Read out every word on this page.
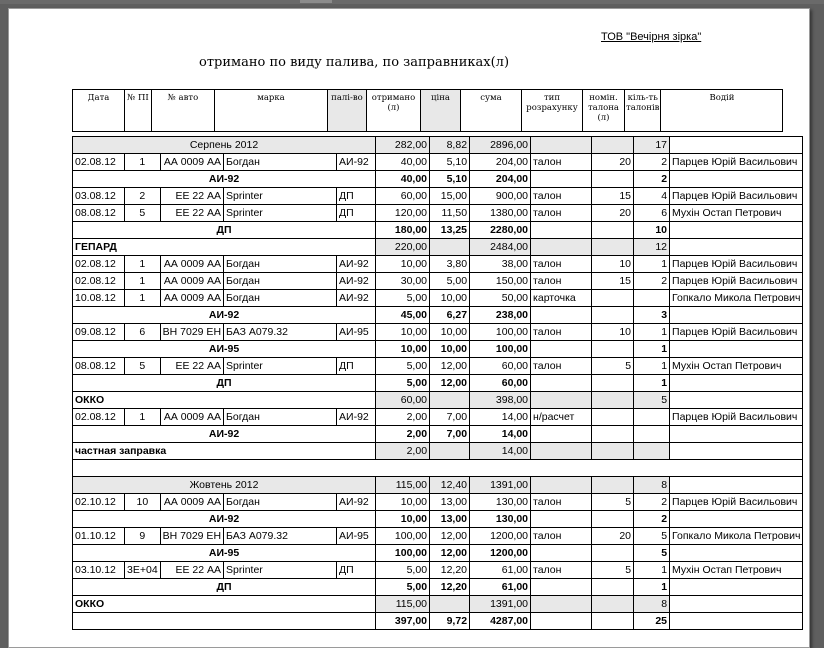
ТОВ "Вечірня зірка"
отримано по виду палива, по заправниках(л)
Дата	№ ПІ	№ авто	марка	палі-во	отримано (л)	ціна	сума	тип розрахунку	номін. талона (л)	кіль-ть талонів	Водій
Серпень 2012					282,00	8,82	2896,00			17	
02.08.12	1	АА 0009 АА	Богдан	АИ-92	40,00	5,10	204,00	талон	20	2	Парцев Юрій Васильович
АИ-92					40,00	5,10	204,00			2	
03.08.12	2	ЕЕ 22 АА	Sprinter	ДП	60,00	15,00	900,00	талон	15	4	Парцев Юрій Васильович
08.08.12	5	ЕЕ 22 АА	Sprinter	ДП	120,00	11,50	1380,00	талон	20	6	Мухін Остап Петрович
ДП					180,00	13,25	2280,00			10	
ГЕПАРД					220,00		2484,00			12	
02.08.12	1	АА 0009 АА	Богдан	АИ-92	10,00	3,80	38,00	талон	10	1	Парцев Юрій Васильович
02.08.12	1	АА 0009 АА	Богдан	АИ-92	30,00	5,00	150,00	талон	15	2	Парцев Юрій Васильович
10.08.12	1	АА 0009 АА	Богдан	АИ-92	5,00	10,00	50,00	карточка			Гопкало Микола Петрович
АИ-92					45,00	6,27	238,00			3	
09.08.12	6	ВН 7029 ЕН	БАЗ А079.32	АИ-95	10,00	10,00	100,00	талон	10	1	Парцев Юрій Васильович
АИ-95					10,00	10,00	100,00			1	
08.08.12	5	ЕЕ 22 АА	Sprinter	ДП	5,00	12,00	60,00	талон	5	1	Мухін Остап Петрович
ДП					5,00	12,00	60,00			1	
ОККО					60,00		398,00			5	
02.08.12	1	АА 0009 АА	Богдан	АИ-92	2,00	7,00	14,00	н/расчет			Парцев Юрій Васильович
АИ-92					2,00	7,00	14,00				
частная заправка					2,00		14,00				

Жовтень 2012					115,00	12,40	1391,00			8	
02.10.12	10	АА 0009 АА	Богдан	АИ-92	10,00	13,00	130,00	талон	5	2	Парцев Юрій Васильович
АИ-92					10,00	13,00	130,00			2	
01.10.12	9	ВН 7029 ЕН	БАЗ А079.32	АИ-95	100,00	12,00	1200,00	талон	20	5	Гопкало Микола Петрович
АИ-95					100,00	12,00	1200,00			5	
03.10.12	3E+04	ЕЕ 22 АА	Sprinter	ДП	5,00	12,20	61,00	талон	5	1	Мухін Остап Петрович
ДП					5,00	12,20	61,00			1	
ОККО					115,00		1391,00			8	
					397,00	9,72	4287,00			25	
